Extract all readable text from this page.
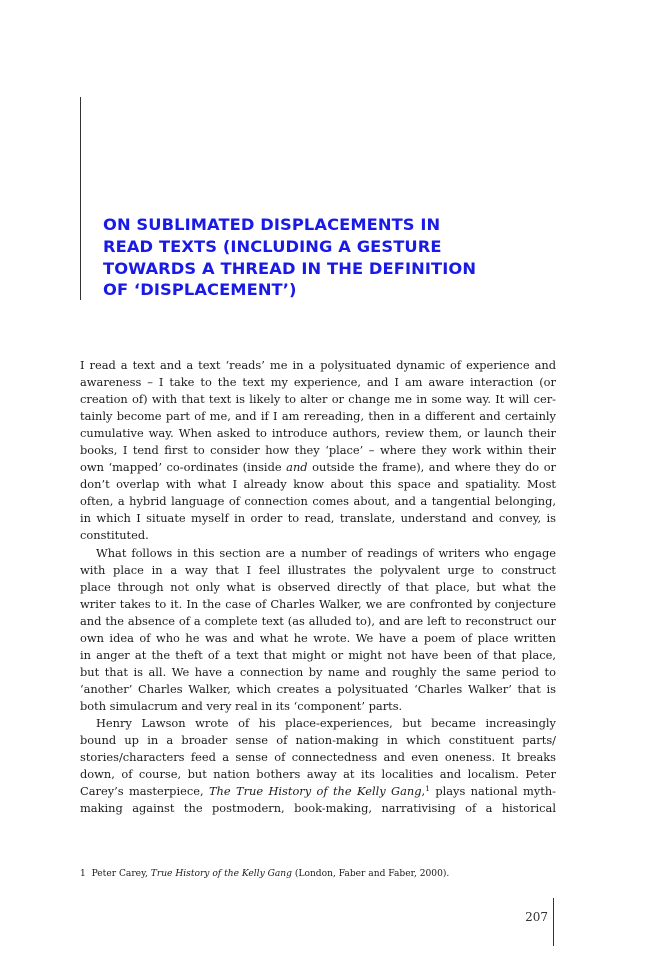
ON SUBLIMATED DISPLACEMENTS IN
READ TEXTS (INCLUDING A GESTURE
TOWARDS A THREAD IN THE DEFINITION
OF ‘DISPLACEMENT’)

I read a text and a text ‘reads’ me in a polysituated dynamic of experience and
awareness – I take to the text my experience, and I am aware interaction (or
creation of) with that text is likely to alter or change me in some way. It will cer-
tainly become part of me, and if I am rereading, then in a different and certainly
cumulative way. When asked to introduce authors, review them, or launch their
books, I tend first to consider how they ‘place’ – where they work within their
own ‘mapped’ co-ordinates (inside and outside the frame), and where they do or
don’t overlap with what I already know about this space and spatiality. Most
often, a hybrid language of connection comes about, and a tangential belonging,
in which I situate myself in order to read, translate, understand and convey, is
constituted.

What follows in this section are a number of readings of writers who engage

with place in a way that I feel illustrates the polyvalent urge to construct
place through not only what is observed directly of that place, but what the
writer takes to it. In the case of Charles Walker, we are confronted by conjecture
and the absence of a complete text (as alluded to), and are left to reconstruct our
own idea of who he was and what he wrote. We have a poem of place written
in anger at the theft of a text that might or might not have been of that place,
but that is all. We have a connection by name and roughly the same period to
‘another’ Charles Walker, which creates a polysituated ‘Charles Walker’ that is
both simulacrum and very real in its ‘component’ parts.

Henry Lawson wrote of his place-experiences, but became increasingly

bound up in a broader sense of nation-making in which constituent parts/
stories/characters feed a sense of connectedness and even oneness. It breaks
down, of course, but nation bothers away at its localities and localism. Peter
Carey’s masterpiece, The True History of the Kelly Gang,$^1$ plays national myth-
making against the postmodern, book-making, narrativising of a historical

1 Peter Carey, True History of the Kelly Gang (London, Faber and Faber, 2000).
207
